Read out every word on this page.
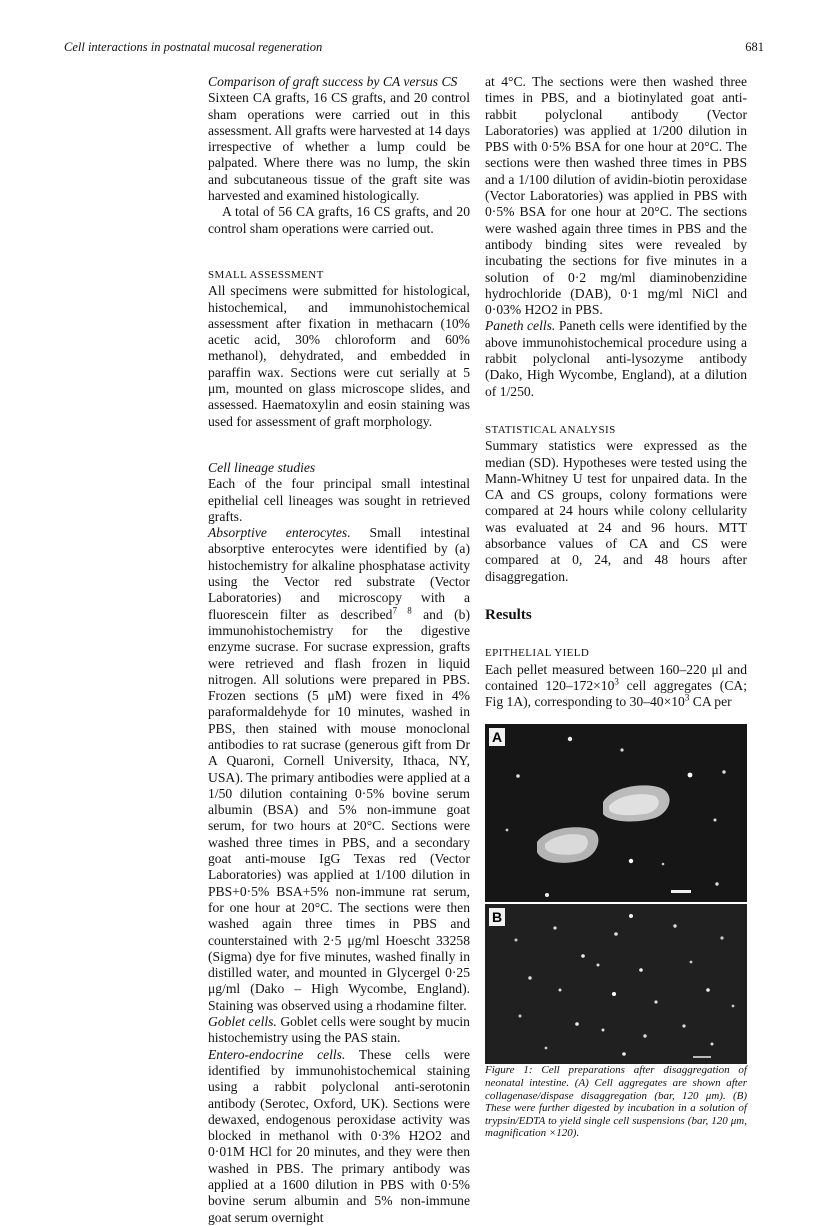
Cell interactions in postnatal mucosal regeneration	681

Comparison of graft success by CA versus CS

Sixteen CA grafts, 16 CS grafts, and 20 control sham operations were carried out in this assessment. All grafts were harvested at 14 days irrespective of whether a lump could be palpated. Where there was no lump, the skin and subcutaneous tissue of the graft site was harvested and examined histologically.

A total of 56 CA grafts, 16 CS grafts, and 20 control sham operations were carried out.

SMALL ASSESSMENT

All specimens were submitted for histological, histochemical, and immunohistochemical assessment after fixation in methacarn (10% acetic acid, 30% chloroform and 60% methanol), dehydrated, and embedded in paraffin wax. Sections were cut serially at 5 μm, mounted on glass microscope slides, and assessed. Haematoxylin and eosin staining was used for assessment of graft morphology.

Cell lineage studies

Each of the four principal small intestinal epithelial cell lineages was sought in retrieved grafts.

Absorptive enterocytes. Small intestinal absorptive enterocytes were identified by (a) histochemistry for alkaline phosphatase activity using the Vector red substrate (Vector Laboratories) and microscopy with a fluorescein filter as described$^{7 8}$ and (b) immunohistochemistry for the digestive enzyme sucrase. For sucrase expression, grafts were retrieved and flash frozen in liquid nitrogen. All solutions were prepared in PBS. Frozen sections (5 μM) were fixed in 4% paraformaldehyde for 10 minutes, washed in PBS, then stained with mouse monoclonal antibodies to rat sucrase (generous gift from Dr A Quaroni, Cornell University, Ithaca, NY, USA). The primary antibodies were applied at a 1/50 dilution containing 0·5% bovine serum albumin (BSA) and 5% non-immune goat serum, for two hours at 20°C. Sections were washed three times in PBS, and a secondary goat anti-mouse IgG Texas red (Vector Laboratories) was applied at 1/100 dilution in PBS+0·5% BSA+5% non-immune rat serum, for one hour at 20°C. The sections were then washed again three times in PBS and counterstained with 2·5 μg/ml Hoescht 33258 (Sigma) dye for five minutes, washed finally in distilled water, and mounted in Glycergel 0·25 μg/ml (Dako – High Wycombe, England). Staining was observed using a rhodamine filter.

Goblet cells. Goblet cells were sought by mucin histochemistry using the PAS stain.

Entero-endocrine cells. These cells were identified by immunohistochemical staining using a rabbit polyclonal anti-serotonin antibody (Serotec, Oxford, UK). Sections were dewaxed, endogenous peroxidase activity was blocked in methanol with 0·3% H2O2 and 0·01M HCl for 20 minutes, and they were then washed in PBS. The primary antibody was applied at a 1600 dilution in PBS with 0·5% bovine serum albumin and 5% non-immune goat serum overnight

at 4°C. The sections were then washed three times in PBS, and a biotinylated goat anti-rabbit polyclonal antibody (Vector Laboratories) was applied at 1/200 dilution in PBS with 0·5% BSA for one hour at 20°C. The sections were then washed three times in PBS and a 1/100 dilution of avidin-biotin peroxidase (Vector Laboratories) was applied in PBS with 0·5% BSA for one hour at 20°C. The sections were washed again three times in PBS and the antibody binding sites were revealed by incubating the sections for five minutes in a solution of 0·2 mg/ml diaminobenzidine hydrochloride (DAB), 0·1 mg/ml NiCl and 0·03% H2O2 in PBS.

Paneth cells. Paneth cells were identified by the above immunohistochemical procedure using a rabbit polyclonal anti-lysozyme antibody (Dako, High Wycombe, England), at a dilution of 1/250.

STATISTICAL ANALYSIS

Summary statistics were expressed as the median (SD). Hypotheses were tested using the Mann-Whitney U test for unpaired data. In the CA and CS groups, colony formations were compared at 24 hours while colony cellularity was evaluated at 24 and 96 hours. MTT absorbance values of CA and CS were compared at 0, 24, and 48 hours after disaggregation.

Results

EPITHELIAL YIELD

Each pellet measured between 160–220 μl and contained $120-172\times 10^3$ cell aggregates (CA; Fig 1A), corresponding to $30-40\times 10^3$ CA per

A
B

Figure 1: Cell preparations after disaggregation of neonatal intestine. (A) Cell aggregates are shown after collagenase/dispase disaggregation (bar, 120 μm). (B) These were further digested by incubation in a solution of trypsin/EDTA to yield single cell suspensions (bar, 120 μm, magnification ×120).
